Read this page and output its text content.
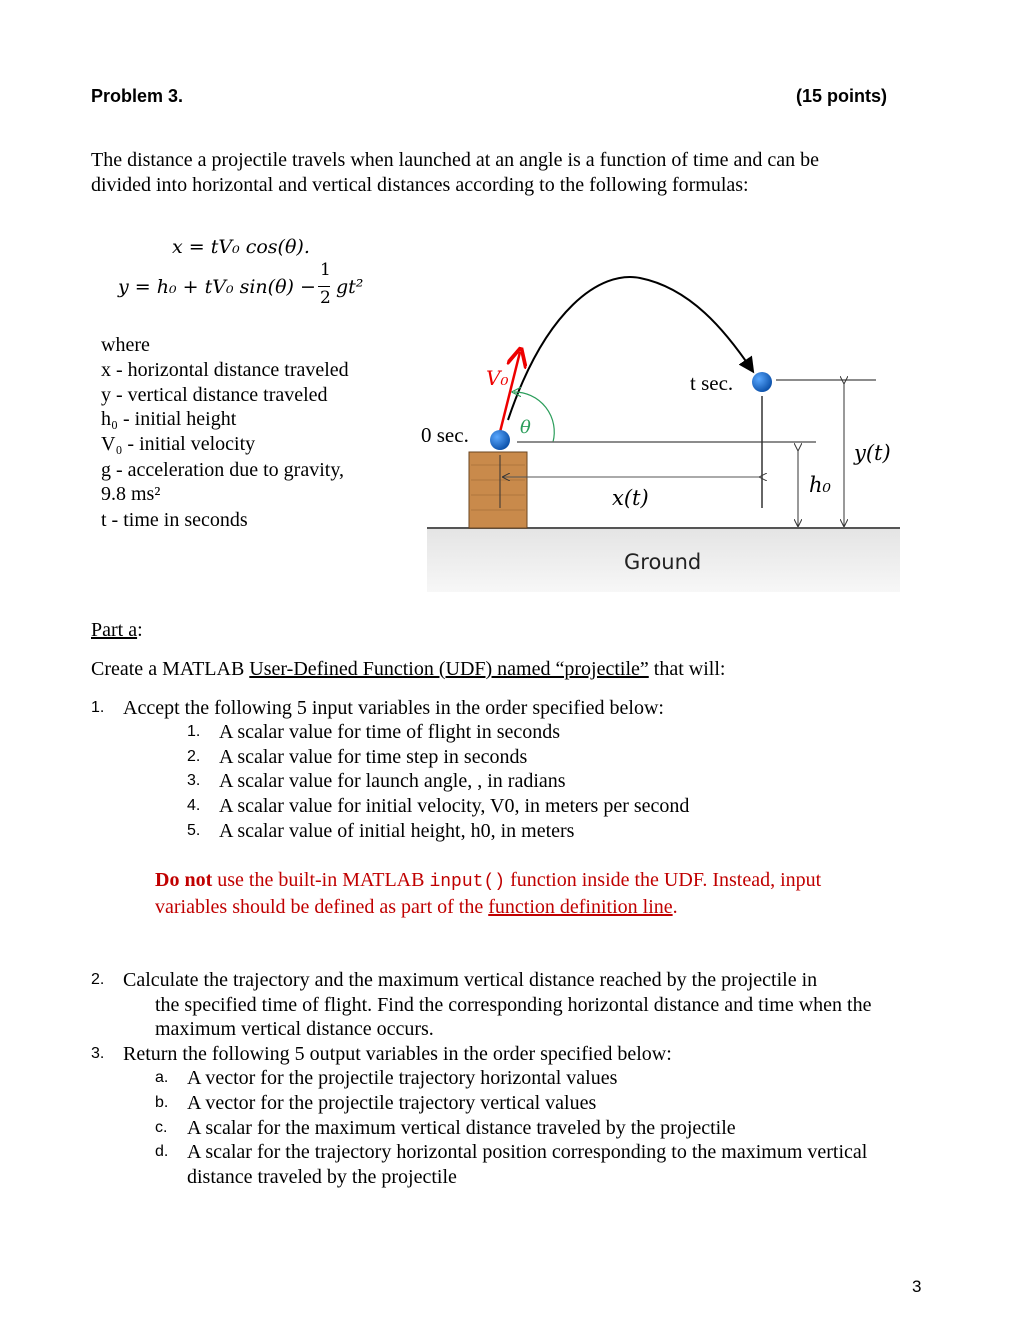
Problem 3.	(15 points)
The distance a projectile travels when launched at an angle is a function of time and can be
divided into horizontal and vertical distances according to the following formulas:
x = tV₀ cos(θ).
y = h₀ + tV₀ sin(θ) −
1
2 gt²
where
x - horizontal distance traveled
y - vertical distance traveled
h₀ - initial height
V₀ - initial velocity
g - acceleration due to gravity,
9.8 ms²
t - time in seconds
V₀
θ
0 sec.
t sec.
x(t)
y(t)
h₀
Ground
Part a:
Create a MATLAB User-Defined Function (UDF) named “projectile” that will:
1. Accept the following 5 input variables in the order specified below:
1. A scalar value for time of flight in seconds
2. A scalar value for time step in seconds
3. A scalar value for launch angle, , in radians
4. A scalar value for initial velocity, V0, in meters per second
5. A scalar value of initial height, h0, in meters
Do not use the built-in MATLAB input() function inside the UDF. Instead, input
variables should be defined as part of the function definition line.
2. Calculate the trajectory and the maximum vertical distance reached by the projectile in
the specified time of flight. Find the corresponding horizontal distance and time when the
maximum vertical distance occurs.
3. Return the following 5 output variables in the order specified below:
a. A vector for the projectile trajectory horizontal values
b. A vector for the projectile trajectory vertical values
c. A scalar for the maximum vertical distance traveled by the projectile
d. A scalar for the trajectory horizontal position corresponding to the maximum vertical
distance traveled by the projectile
3
